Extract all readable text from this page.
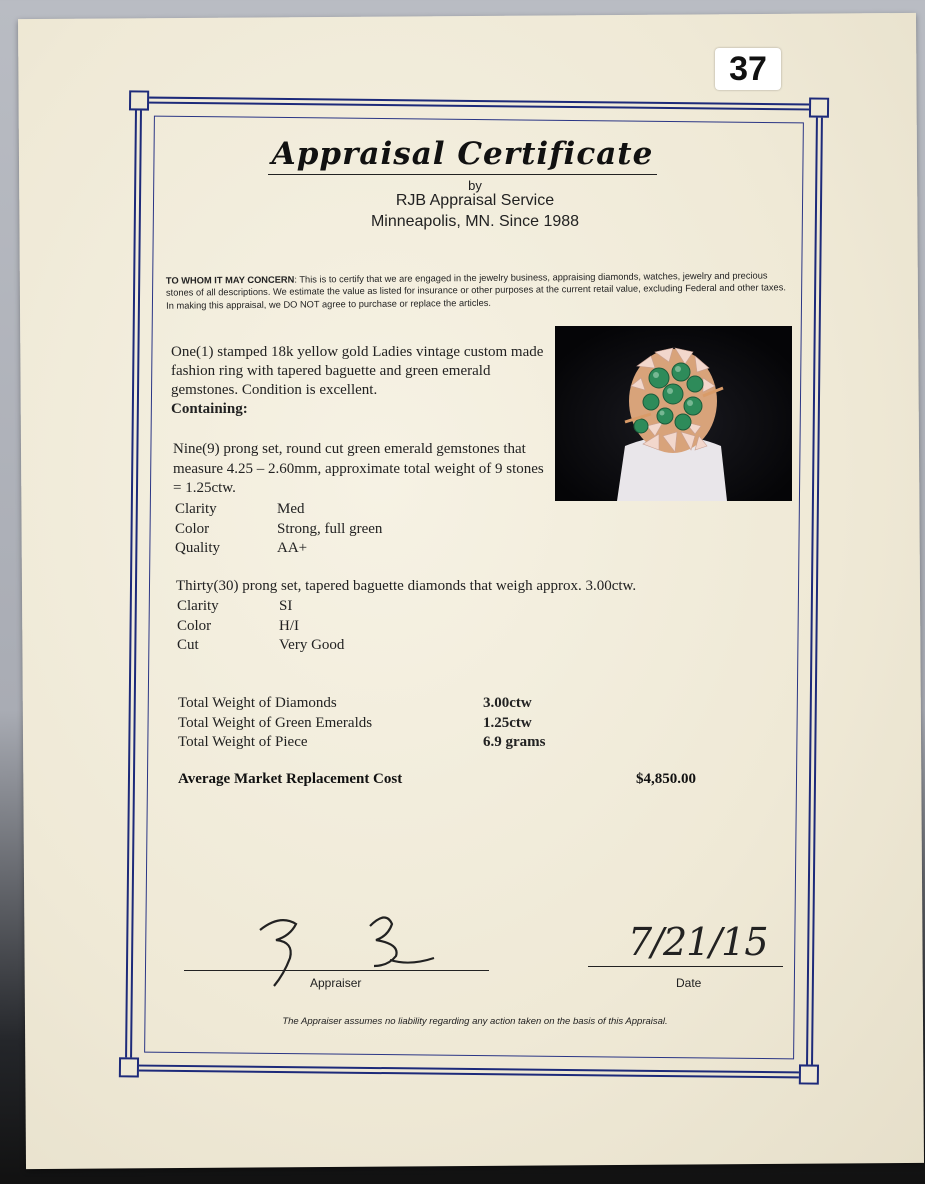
37
Appraisal Certificate
by
RJB Appraisal Service
Minneapolis, MN. Since 1988
TO WHOM IT MAY CONCERN: This is to certify that we are engaged in the jewelry business, appraising diamonds, watches, jewelry and precious stones of all descriptions. We estimate the value as listed for insurance or other purposes at the current retail value, excluding Federal and other taxes. In making this appraisal, we DO NOT agree to purchase or replace the articles.
One(1) stamped 18k yellow gold Ladies vintage custom made fashion ring with tapered baguette and green emerald gemstones. Condition is excellent.
Containing:
Nine(9) prong set, round cut green emerald gemstones that measure 4.25 – 2.60mm, approximate total weight of 9 stones = 1.25ctw.
Clarity	Med
Color	Strong, full green
Quality	AA+
Thirty(30) prong set, tapered baguette diamonds that weigh approx. 3.00ctw.
Clarity	SI
Color	H/I
Cut	Very Good
Total Weight of Diamonds	3.00ctw
Total Weight of Green Emeralds	1.25ctw
Total Weight of Piece	6.9 grams
Average Market Replacement Cost	$4,850.00
Appraiser
7/21/15
Date
The Appraiser assumes no liability regarding any action taken on the basis of this Appraisal.
